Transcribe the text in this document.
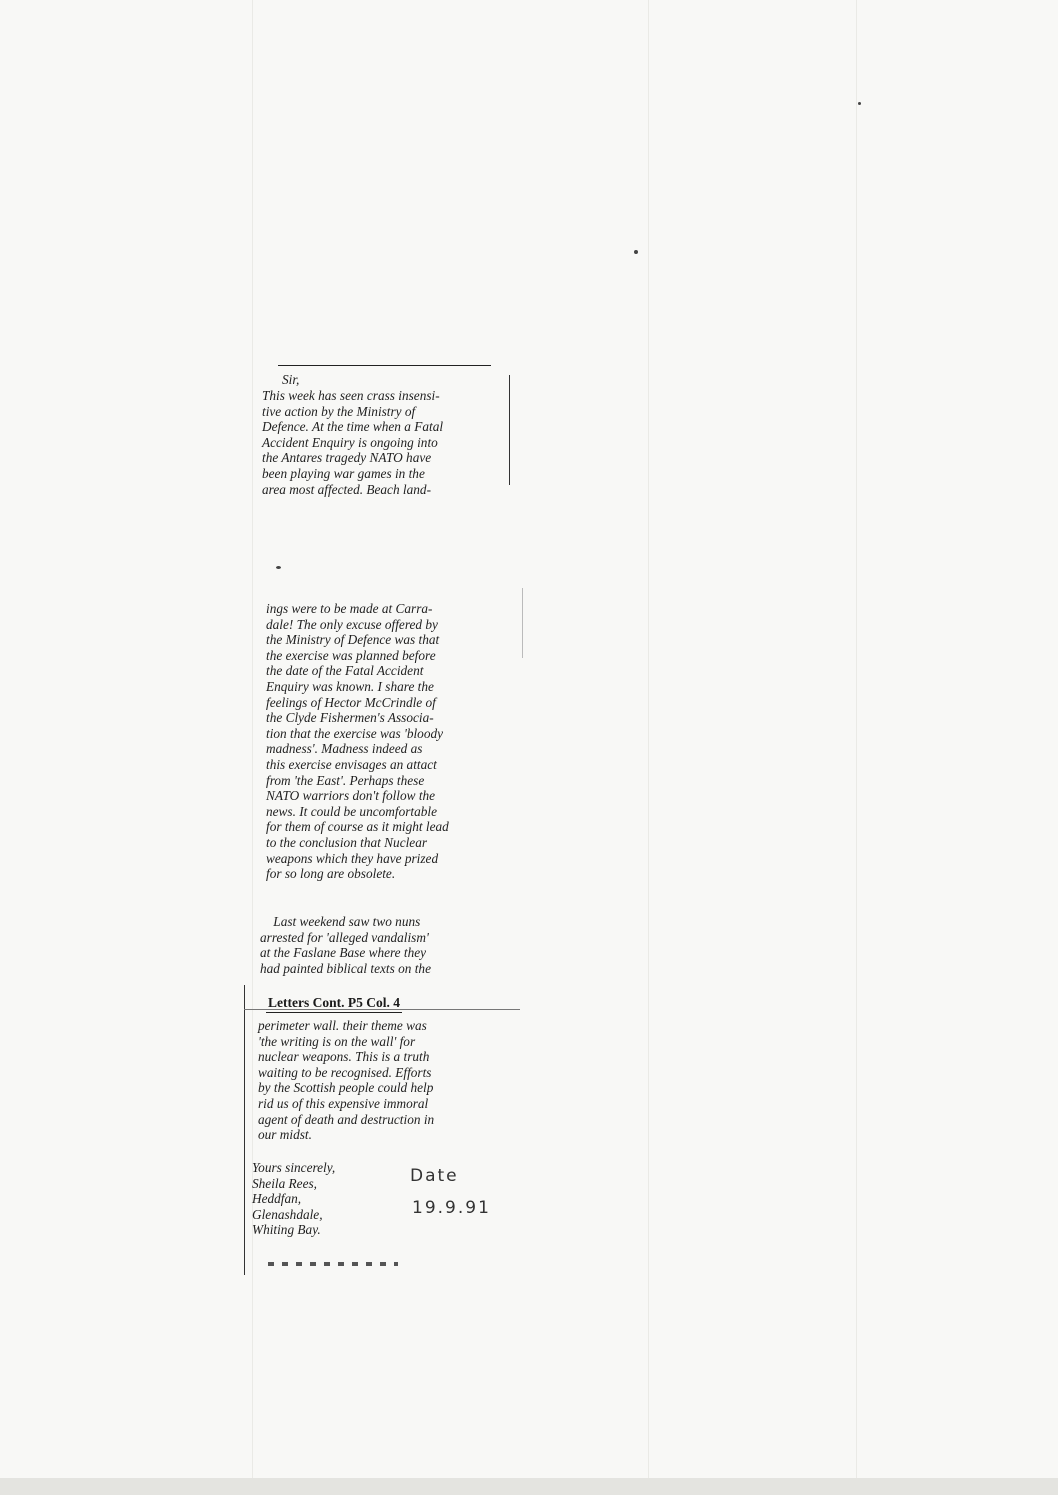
Sir,

This week has seen crass insensi-
tive action by the Ministry of
Defence. At the time when a Fatal
Accident Enquiry is ongoing into
the Antares tragedy NATO have
been playing war games in the
area most affected. Beach land-

ings were to be made at Carra-
dale! The only excuse offered by
the Ministry of Defence was that
the exercise was planned before
the date of the Fatal Accident
Enquiry was known. I share the
feelings of Hector McCrindle of
the Clyde Fishermen's Associa-
tion that the exercise was 'bloody
madness'. Madness indeed as
this exercise envisages an attact
from 'the East'. Perhaps these
NATO warriors don't follow the
news. It could be uncomfortable
for them of course as it might lead
to the conclusion that Nuclear
weapons which they have prized
for so long are obsolete.

Last weekend saw two nuns
arrested for 'alleged vandalism'
at the Faslane Base where they
had painted biblical texts on the

Letters Cont. P5 Col. 4

perimeter wall. their theme was
'the writing is on the wall' for
nuclear weapons. This is a truth
waiting to be recognised. Efforts
by the Scottish people could help
rid us of this expensive immoral
agent of death and destruction in
our midst.

Yours sincerely,
Sheila Rees,
Heddfan,
Glenashdale,
Whiting Bay.

Date

19.9.91
